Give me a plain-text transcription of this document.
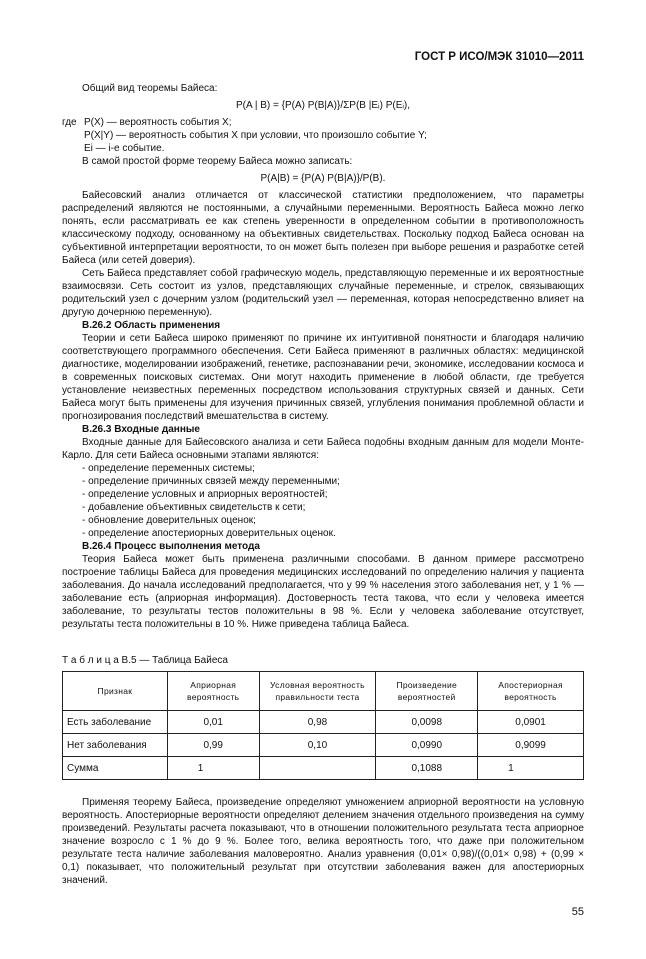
ГОСТ Р ИСО/МЭК 31010—2011

Общий вид теоремы Байеса:

P(A | B) = {P(A) P(B|A)}/ΣP(B |Eᵢ) P(Eᵢ),

где P(X) — вероятность события X;

P(X|Y) — вероятность события X при условии, что произошло событие Y;

Ei — i-е событие.

В самой простой форме теорему Байеса можно записать:

P(A|B) = {P(A) P(B|A)}/P(B).

Байесовский анализ отличается от классической статистики предположением, что параметры распределений являются не постоянными, а случайными переменными. Вероятность Байеса можно легко понять, если рассматривать ее как степень уверенности в определенном событии в противоположность классическому подходу, основанному на объективных свидетельствах. Поскольку подход Байеса основан на субъективной интерпретации вероятности, то он может быть полезен при выборе решения и разработке сетей Байеса (или сетей доверия).

Сеть Байеса представляет собой графическую модель, представляющую переменные и их вероятностные взаимосвязи. Сеть состоит из узлов, представляющих случайные переменные, и стрелок, связывающих родительский узел с дочерним узлом (родительский узел — переменная, которая непосредственно влияет на другую дочернюю переменную).

В.26.2 Область применения

Теории и сети Байеса широко применяют по причине их интуитивной понятности и благодаря наличию соответствующего программного обеспечения. Сети Байеса применяют в различных областях: медицинской диагностике, моделировании изображений, генетике, распознавании речи, экономике, исследовании космоса и в современных поисковых системах. Они могут находить применение в любой области, где требуется установление неизвестных переменных посредством использования структурных связей и данных. Сети Байеса могут быть применены для изучения причинных связей, углубления понимания проблемной области и прогнозирования последствий вмешательства в систему.

В.26.3 Входные данные

Входные данные для Байесовского анализа и сети Байеса подобны входным данным для модели Монте-Карло. Для сети Байеса основными этапами являются:

- определение переменных системы;
- определение причинных связей между переменными;
- определение условных и априорных вероятностей;
- добавление объективных свидетельств к сети;
- обновление доверительных оценок;
- определение апостериорных доверительных оценок.

В.26.4 Процесс выполнения метода

Теория Байеса может быть применена различными способами. В данном примере рассмотрено построение таблицы Байеса для проведения медицинских исследований по определению наличия у пациента заболевания. До начала исследований предполагается, что у 99 % населения этого заболевания нет, у 1 % — заболевание есть (априорная информация). Достоверность теста такова, что если у человека имеется заболевание, то результаты тестов положительны в 98 %. Если у человека заболевание отсутствует, результаты теста положительны в 10 %. Ниже приведена таблица Байеса.

Т а б л и ц а В.5 — Таблица Байеса

Признак	Априорная вероятность	Условная вероятность правильности теста	Произведение вероятностей	Апостериорная вероятность
Есть заболевание	0,01	0,98	0,0098	0,0901
Нет заболевания	0,99	0,10	0,0990	0,9099
Сумма	1		0,1088	1

Применяя теорему Байеса, произведение определяют умножением априорной вероятности на условную вероятность. Апостериорные вероятности определяют делением значения отдельного произведения на сумму произведений. Результаты расчета показывают, что в отношении положительного результата теста априорное значение возросло с 1 % до 9 %. Более того, велика вероятность того, что даже при положительном результате теста наличие заболевания маловероятно. Анализ уравнения (0,01× 0,98)/((0,01× 0,98) + (0,99 × 0,1) показывает, что положительный результат при отсутствии заболевания важен для апостериорных значений.

55
